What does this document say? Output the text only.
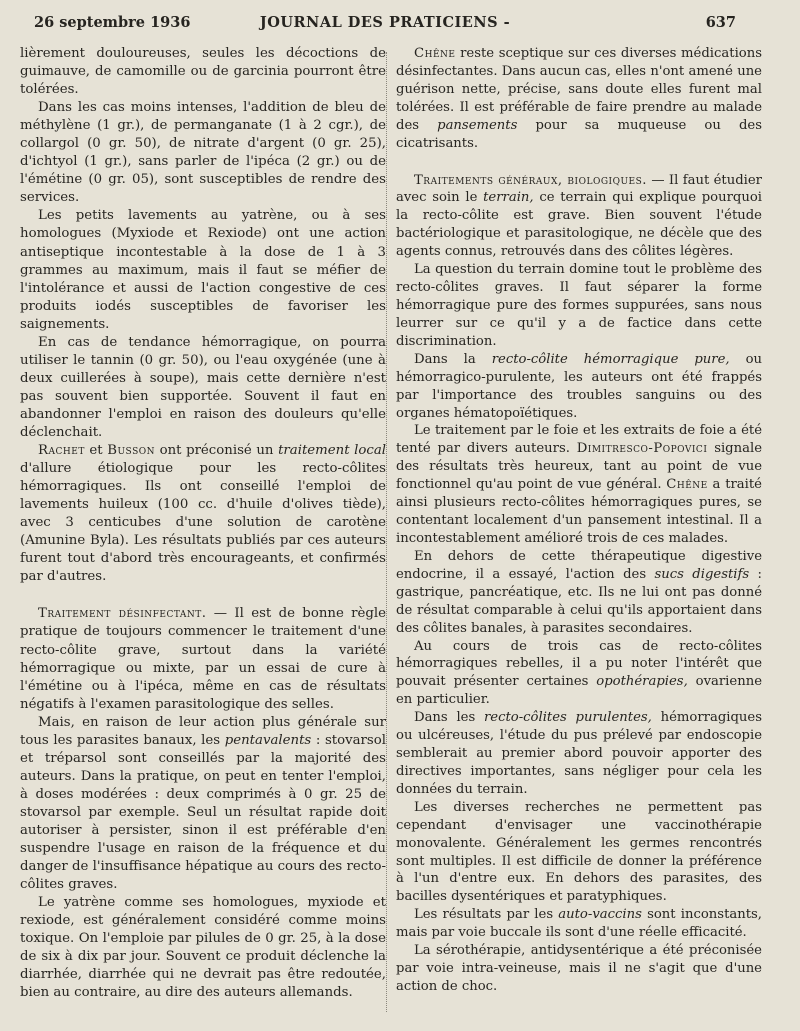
26 septembre 1936	JOURNAL DES PRATICIENS -	637

lièrement douloureuses, seules les décoctions de guimauve, de camomille ou de garcinia pourront être tolérées.

Dans les cas moins intenses, l'addition de bleu de méthylène (1 gr.), de permanganate (1 à 2 cgr.), de collargol (0 gr. 50), de nitrate d'argent (0 gr. 25), d'ichtyol (1 gr.), sans parler de l'ipéca (2 gr.) ou de l'émétine (0 gr. 05), sont susceptibles de rendre des services.

Les petits lavements au yatrène, ou à ses homologues (Myxiode et Rexiode) ont une action antiseptique incontestable à la dose de 1 à 3 grammes au maximum, mais il faut se méfier de l'intolérance et aussi de l'action congestive de ces produits iodés susceptibles de favoriser les saignements.

En cas de tendance hémorragique, on pourra utiliser le tannin (0 gr. 50), ou l'eau oxygénée (une à deux cuillerées à soupe), mais cette dernière n'est pas souvent bien supportée. Souvent il faut en abandonner l'emploi en raison des douleurs qu'elle déclenchait.

Rachet et Busson ont préconisé un traitement local d'allure étiologique pour les recto-côlites hémorragiques. Ils ont conseillé l'emploi de lavements huileux (100 cc. d'huile d'olives tiède), avec 3 centicubes d'une solution de carotène (Amunine Byla). Les résultats publiés par ces auteurs furent tout d'abord très encourageants, et confirmés par d'autres.

Traitement désinfectant. — Il est de bonne règle pratique de toujours commencer le traitement d'une recto-côlite grave, surtout dans la variété hémorragique ou mixte, par un essai de cure à l'émétine ou à l'ipéca, même en cas de résultats négatifs à l'examen parasitologique des selles.

Mais, en raison de leur action plus générale sur tous les parasites banaux, les pentavalents : stovarsol et tréparsol sont conseillés par la majorité des auteurs. Dans la pratique, on peut en tenter l'emploi, à doses modérées : deux comprimés à 0 gr. 25 de stovarsol par exemple. Seul un résultat rapide doit autoriser à persister, sinon il est préférable d'en suspendre l'usage en raison de la fréquence et du danger de l'insuffisance hépatique au cours des recto-côlites graves.

Le yatrène comme ses homologues, myxiode et rexiode, est généralement considéré comme moins toxique. On l'emploie par pilules de 0 gr. 25, à la dose de six à dix par jour. Souvent ce produit déclenche la diarrhée, diarrhée qui ne devrait pas être redoutée, bien au contraire, au dire des auteurs allemands.

Chêne reste sceptique sur ces diverses médications désinfectantes. Dans aucun cas, elles n'ont amené une guérison nette, précise, sans doute elles furent mal tolérées. Il est préférable de faire prendre au malade des pansements pour sa muqueuse ou des cicatrisants.

Traitements généraux, biologiques. — Il faut étudier avec soin le terrain, ce terrain qui explique pourquoi la recto-côlite est grave. Bien souvent l'étude bactériologique et parasitologique, ne décèle que des agents connus, retrouvés dans des côlites légères.

La question du terrain domine tout le problème des recto-côlites graves. Il faut séparer la forme hémorragique pure des formes suppurées, sans nous leurrer sur ce qu'il y a de factice dans cette discrimination.

Dans la recto-côlite hémorragique pure, ou hémorragico-purulente, les auteurs ont été frappés par l'importance des troubles sanguins ou des organes hématopoïétiques.

Le traitement par le foie et les extraits de foie a été tenté par divers auteurs. Dimitresco-Popovici signale des résultats très heureux, tant au point de vue fonctionnel qu'au point de vue général. Chêne a traité ainsi plusieurs recto-côlites hémorragiques pures, se contentant localement d'un pansement intestinal. Il a incontestablement amélioré trois de ces malades.

En dehors de cette thérapeutique digestive endocrine, il a essayé, l'action des sucs digestifs : gastrique, pancréatique, etc. Ils ne lui ont pas donné de résultat comparable à celui qu'ils apportaient dans des côlites banales, à parasites secondaires.

Au cours de trois cas de recto-côlites hémorragiques rebelles, il a pu noter l'intérêt que pouvait présenter certaines opothérapies, ovarienne en particulier.

Dans les recto-côlites purulentes, hémorragiques ou ulcéreuses, l'étude du pus prélevé par endoscopie semblerait au premier abord pouvoir apporter des directives importantes, sans négliger pour cela les données du terrain.

Les diverses recherches ne permettent pas cependant d'envisager une vaccinothérapie monovalente. Généralement les germes rencontrés sont multiples. Il est difficile de donner la préférence à l'un d'entre eux. En dehors des parasites, des bacilles dysentériques et paratyphiques.

Les résultats par les auto-vaccins sont inconstants, mais par voie buccale ils sont d'une réelle efficacité.

La sérothérapie, antidysentérique a été préconisée par voie intra-veineuse, mais il ne s'agit que d'une action de choc.
